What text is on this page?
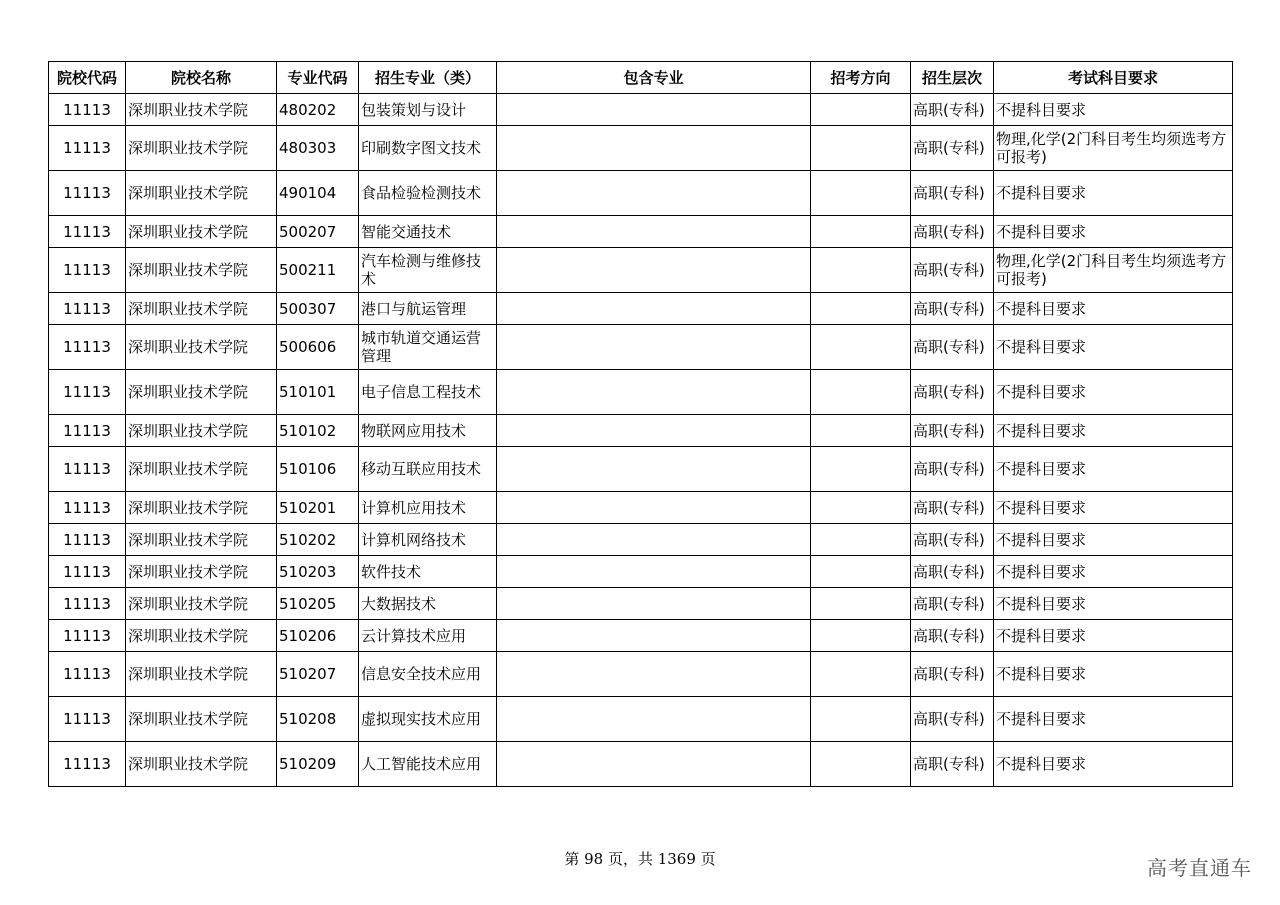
院校代码	院校名称	专业代码	招生专业（类）	包含专业	招考方向	招生层次	考试科目要求
11113	深圳职业技术学院	480202	包装策划与设计			高职(专科)	不提科目要求
11113	深圳职业技术学院	480303	印刷数字图文技术			高职(专科)	物理,化学(2门科目考生均须选考方可报考)
11113	深圳职业技术学院	490104	食品检验检测技术			高职(专科)	不提科目要求
11113	深圳职业技术学院	500207	智能交通技术			高职(专科)	不提科目要求
11113	深圳职业技术学院	500211	汽车检测与维修技术			高职(专科)	物理,化学(2门科目考生均须选考方可报考)
11113	深圳职业技术学院	500307	港口与航运管理			高职(专科)	不提科目要求
11113	深圳职业技术学院	500606	城市轨道交通运营管理			高职(专科)	不提科目要求
11113	深圳职业技术学院	510101	电子信息工程技术			高职(专科)	不提科目要求
11113	深圳职业技术学院	510102	物联网应用技术			高职(专科)	不提科目要求
11113	深圳职业技术学院	510106	移动互联应用技术			高职(专科)	不提科目要求
11113	深圳职业技术学院	510201	计算机应用技术			高职(专科)	不提科目要求
11113	深圳职业技术学院	510202	计算机网络技术			高职(专科)	不提科目要求
11113	深圳职业技术学院	510203	软件技术			高职(专科)	不提科目要求
11113	深圳职业技术学院	510205	大数据技术			高职(专科)	不提科目要求
11113	深圳职业技术学院	510206	云计算技术应用			高职(专科)	不提科目要求
11113	深圳职业技术学院	510207	信息安全技术应用			高职(专科)	不提科目要求
11113	深圳职业技术学院	510208	虚拟现实技术应用			高职(专科)	不提科目要求
11113	深圳职业技术学院	510209	人工智能技术应用			高职(专科)	不提科目要求
第 98 页，共 1369 页	高考直通车
